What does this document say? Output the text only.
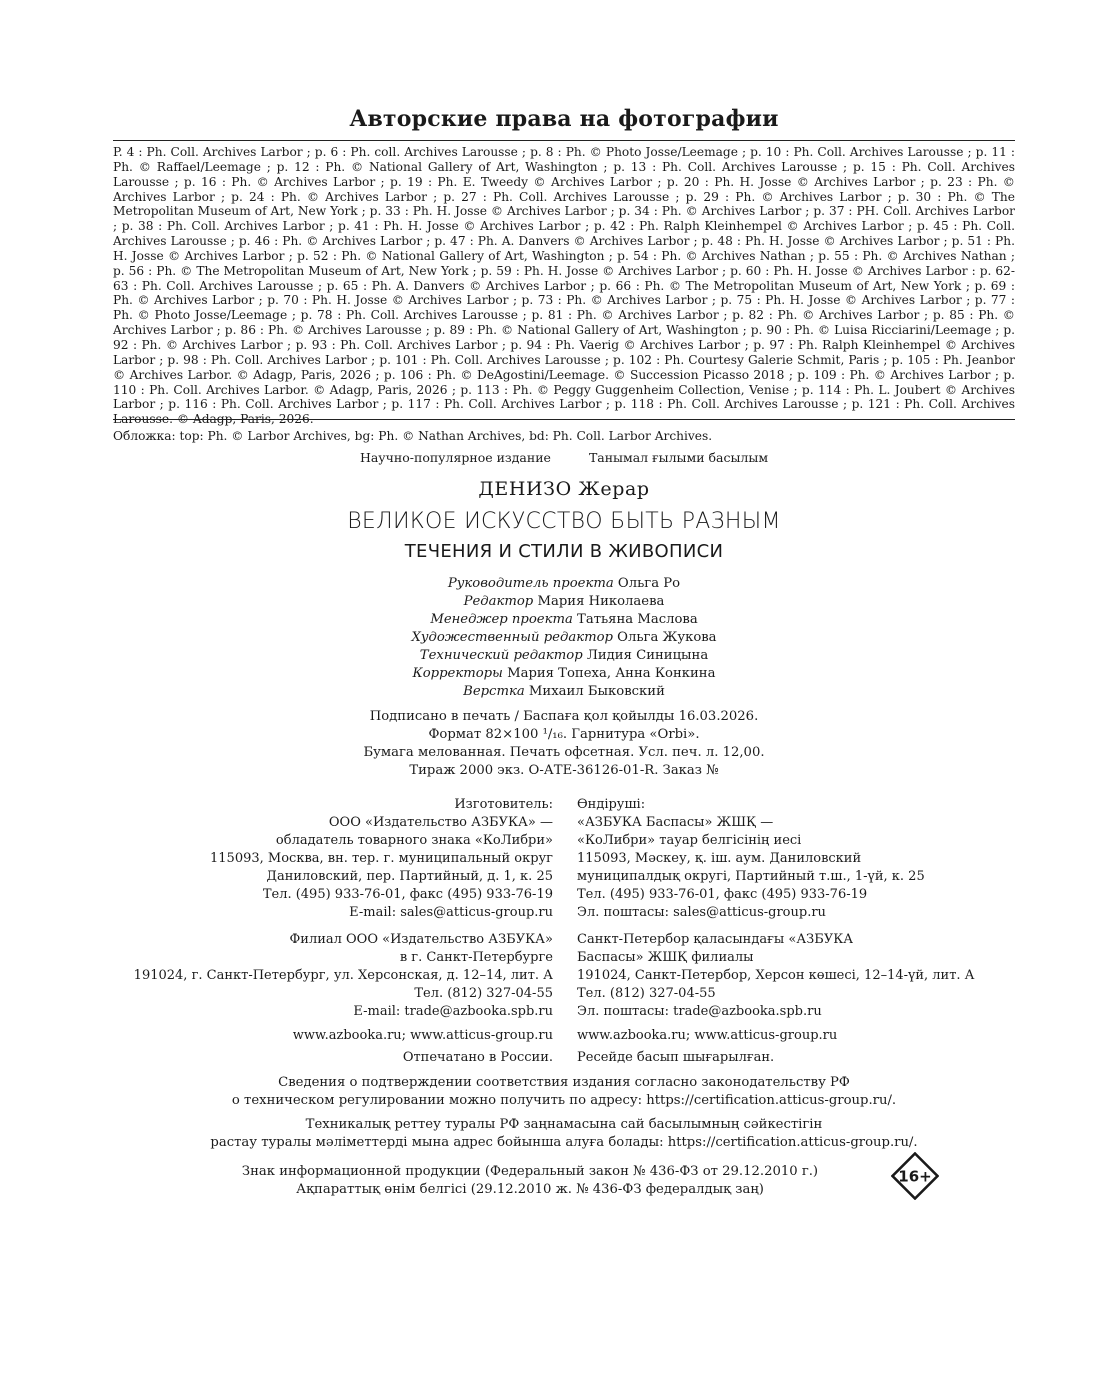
Авторские права на фотографии

P. 4 : Ph. Coll. Archives Larbor ; p. 6 : Ph. coll. Archives Larousse ; p. 8 : Ph. © Photo Josse/Leemage ; p. 10 : Ph. Coll. Archives Larousse ; p. 11 : Ph. © Raffael/Leemage ; p. 12 : Ph. © National Gallery of Art, Washington ; p. 13 : Ph. Coll. Archives Larousse ; p. 15 : Ph. Coll. Archives Larousse ; p. 16 : Ph. © Archives Larbor ; p. 19 : Ph. E. Tweedy © Archives Larbor ; p. 20 : Ph. H. Josse © Archives Larbor ; p. 23 : Ph. © Archives Larbor ; p. 24 : Ph. © Archives Larbor ; p. 27 : Ph. Coll. Archives Larousse ; p. 29 : Ph. © Archives Larbor ; p. 30 : Ph. © The Metropolitan Museum of Art, New York ; p. 33 : Ph. H. Josse © Archives Larbor ; p. 34 : Ph. © Archives Larbor ; p. 37 : PH. Coll. Archives Larbor ; p. 38 : Ph. Coll. Archives Larbor ; p. 41 : Ph. H. Josse © Archives Larbor ; p. 42 : Ph. Ralph Kleinhempel © Archives Larbor ; p. 45 : Ph. Coll. Archives Larousse ; p. 46 : Ph. © Archives Larbor ; p. 47 : Ph. A. Danvers © Archives Larbor ; p. 48 : Ph. H. Josse © Archives Larbor ; p. 51 : Ph. H. Josse © Archives Larbor ; p. 52 : Ph. © National Gallery of Art, Washington ; p. 54 : Ph. © Archives Nathan ; p. 55 : Ph. © Archives Nathan ; p. 56 : Ph. © The Metropolitan Museum of Art, New York ; p. 59 : Ph. H. Josse © Archives Larbor ; p. 60 : Ph. H. Josse © Archives Larbor : p. 62-63 : Ph. Coll. Archives Larousse ; p. 65 : Ph. A. Danvers © Archives Larbor ; p. 66 : Ph. © The Metropolitan Museum of Art, New York ; p. 69 : Ph. © Archives Larbor ; p. 70 : Ph. H. Josse © Archives Larbor ; p. 73 : Ph. © Archives Larbor ; p. 75 : Ph. H. Josse © Archives Larbor ; p. 77 : Ph. © Photo Josse/Leemage ; p. 78 : Ph. Coll. Archives Larousse ; p. 81 : Ph. © Archives Larbor ; p. 82 : Ph. © Archives Larbor ; p. 85 : Ph. © Archives Larbor ; p. 86 : Ph. © Archives Larousse ; p. 89 : Ph. © National Gallery of Art, Washington ; p. 90 : Ph. © Luisa Ricciarini/Leemage ; p. 92 : Ph. © Archives Larbor ; p. 93 : Ph. Coll. Archives Larbor ; p. 94 : Ph. Vaerig © Archives Larbor ; p. 97 : Ph. Ralph Kleinhempel © Archives Larbor ; p. 98 : Ph. Coll. Archives Larbor ; p. 101 : Ph. Coll. Archives Larousse ; p. 102 : Ph. Courtesy Galerie Schmit, Paris ; p. 105 : Ph. Jeanbor © Archives Larbor. © Adagp, Paris, 2026 ; p. 106 : Ph. © DeAgostini/Leemage. © Succession Picasso 2018 ; p. 109 : Ph. © Archives Larbor ; p. 110 : Ph. Coll. Archives Larbor. © Adagp, Paris, 2026 ; p. 113 : Ph. © Peggy Guggenheim Collection, Venise ; p. 114 : Ph. L. Joubert © Archives Larbor ; p. 116 : Ph. Coll. Archives Larbor ; p. 117 : Ph. Coll. Archives Larbor ; p. 118 : Ph. Coll. Archives Larousse ; p. 121 : Ph. Coll. Archives Larousse. © Adagp, Paris, 2026.

Обложка: top: Ph. © Larbor Archives, bg: Ph. © Nathan Archives, bd: Ph. Coll. Larbor Archives.

Научно-популярное издание	Танымал ғылыми басылым
ДЕНИЗО Жерар
ВЕЛИКОЕ ИСКУССТВО БЫТЬ РАЗНЫМ
ТЕЧЕНИЯ И СТИЛИ В ЖИВОПИСИ
Руководитель проекта Ольга Ро
Редактор Мария Николаева
Менеджер проекта Татьяна Маслова
Художественный редактор Ольга Жукова
Технический редактор Лидия Синицына
Корректоры Мария Топеха, Анна Конкина
Верстка Михаил Быковский
Подписано в печать / Баспаға қол қойылды 16.03.2026.
Формат 82×100 ¹/₁₆. Гарнитура «Orbi».
Бумага мелованная. Печать офсетная. Усл. печ. л. 12,00.
Тираж 2000 экз. О-АТЕ-36126-01-R. Заказ №
Изготовитель:
ООО «Издательство АЗБУКА» —
обладатель товарного знака «КоЛибри»
115093, Москва, вн. тер. г. муниципальный округ
Даниловский, пер. Партийный, д. 1, к. 25
Тел. (495) 933-76-01, факс (495) 933-76-19
E-mail: sales@atticus-group.ru
Өндіруші:
«АЗБУКА Баспасы» ЖШҚ —
«КоЛибри» тауар белгісінің иесі
115093, Мәскеу, қ. іш. аум. Даниловский
муниципалдық округі, Партийный т.ш., 1-үй, к. 25
Тел. (495) 933-76-01, факс (495) 933-76-19
Эл. поштасы: sales@atticus-group.ru
Филиал ООО «Издательство АЗБУКА»
в г. Санкт-Петербурге
191024, г. Санкт-Петербург, ул. Херсонская, д. 12–14, лит. А
Тел. (812) 327-04-55
E-mail: trade@azbooka.spb.ru
Санкт-Петербор қаласындағы «АЗБУКА
Баспасы» ЖШҚ филиалы
191024, Санкт-Петербор, Херсон көшесі, 12–14-үй, лит. А
Тел. (812) 327-04-55
Эл. поштасы: trade@azbooka.spb.ru
www.azbooka.ru; www.atticus-group.ru www.azbooka.ru; www.atticus-group.ru
Отпечатано в России. Ресейде басып шығарылған.
Сведения о подтверждении соответствия издания согласно законодательству РФ
о техническом регулировании можно получить по адресу: https://certification.atticus-group.ru/.
Техникалық реттеу туралы РФ заңнамасына сай басылымның сәйкестігін
растау туралы мәліметтерді мына адрес бойынша алуға болады: https://certification.atticus-group.ru/.
Знак информационной продукции (Федеральный закон № 436-ФЗ от 29.12.2010 г.)
Ақпараттық өнім белгісі (29.12.2010 ж. № 436-ФЗ федералдық заң)
16+
